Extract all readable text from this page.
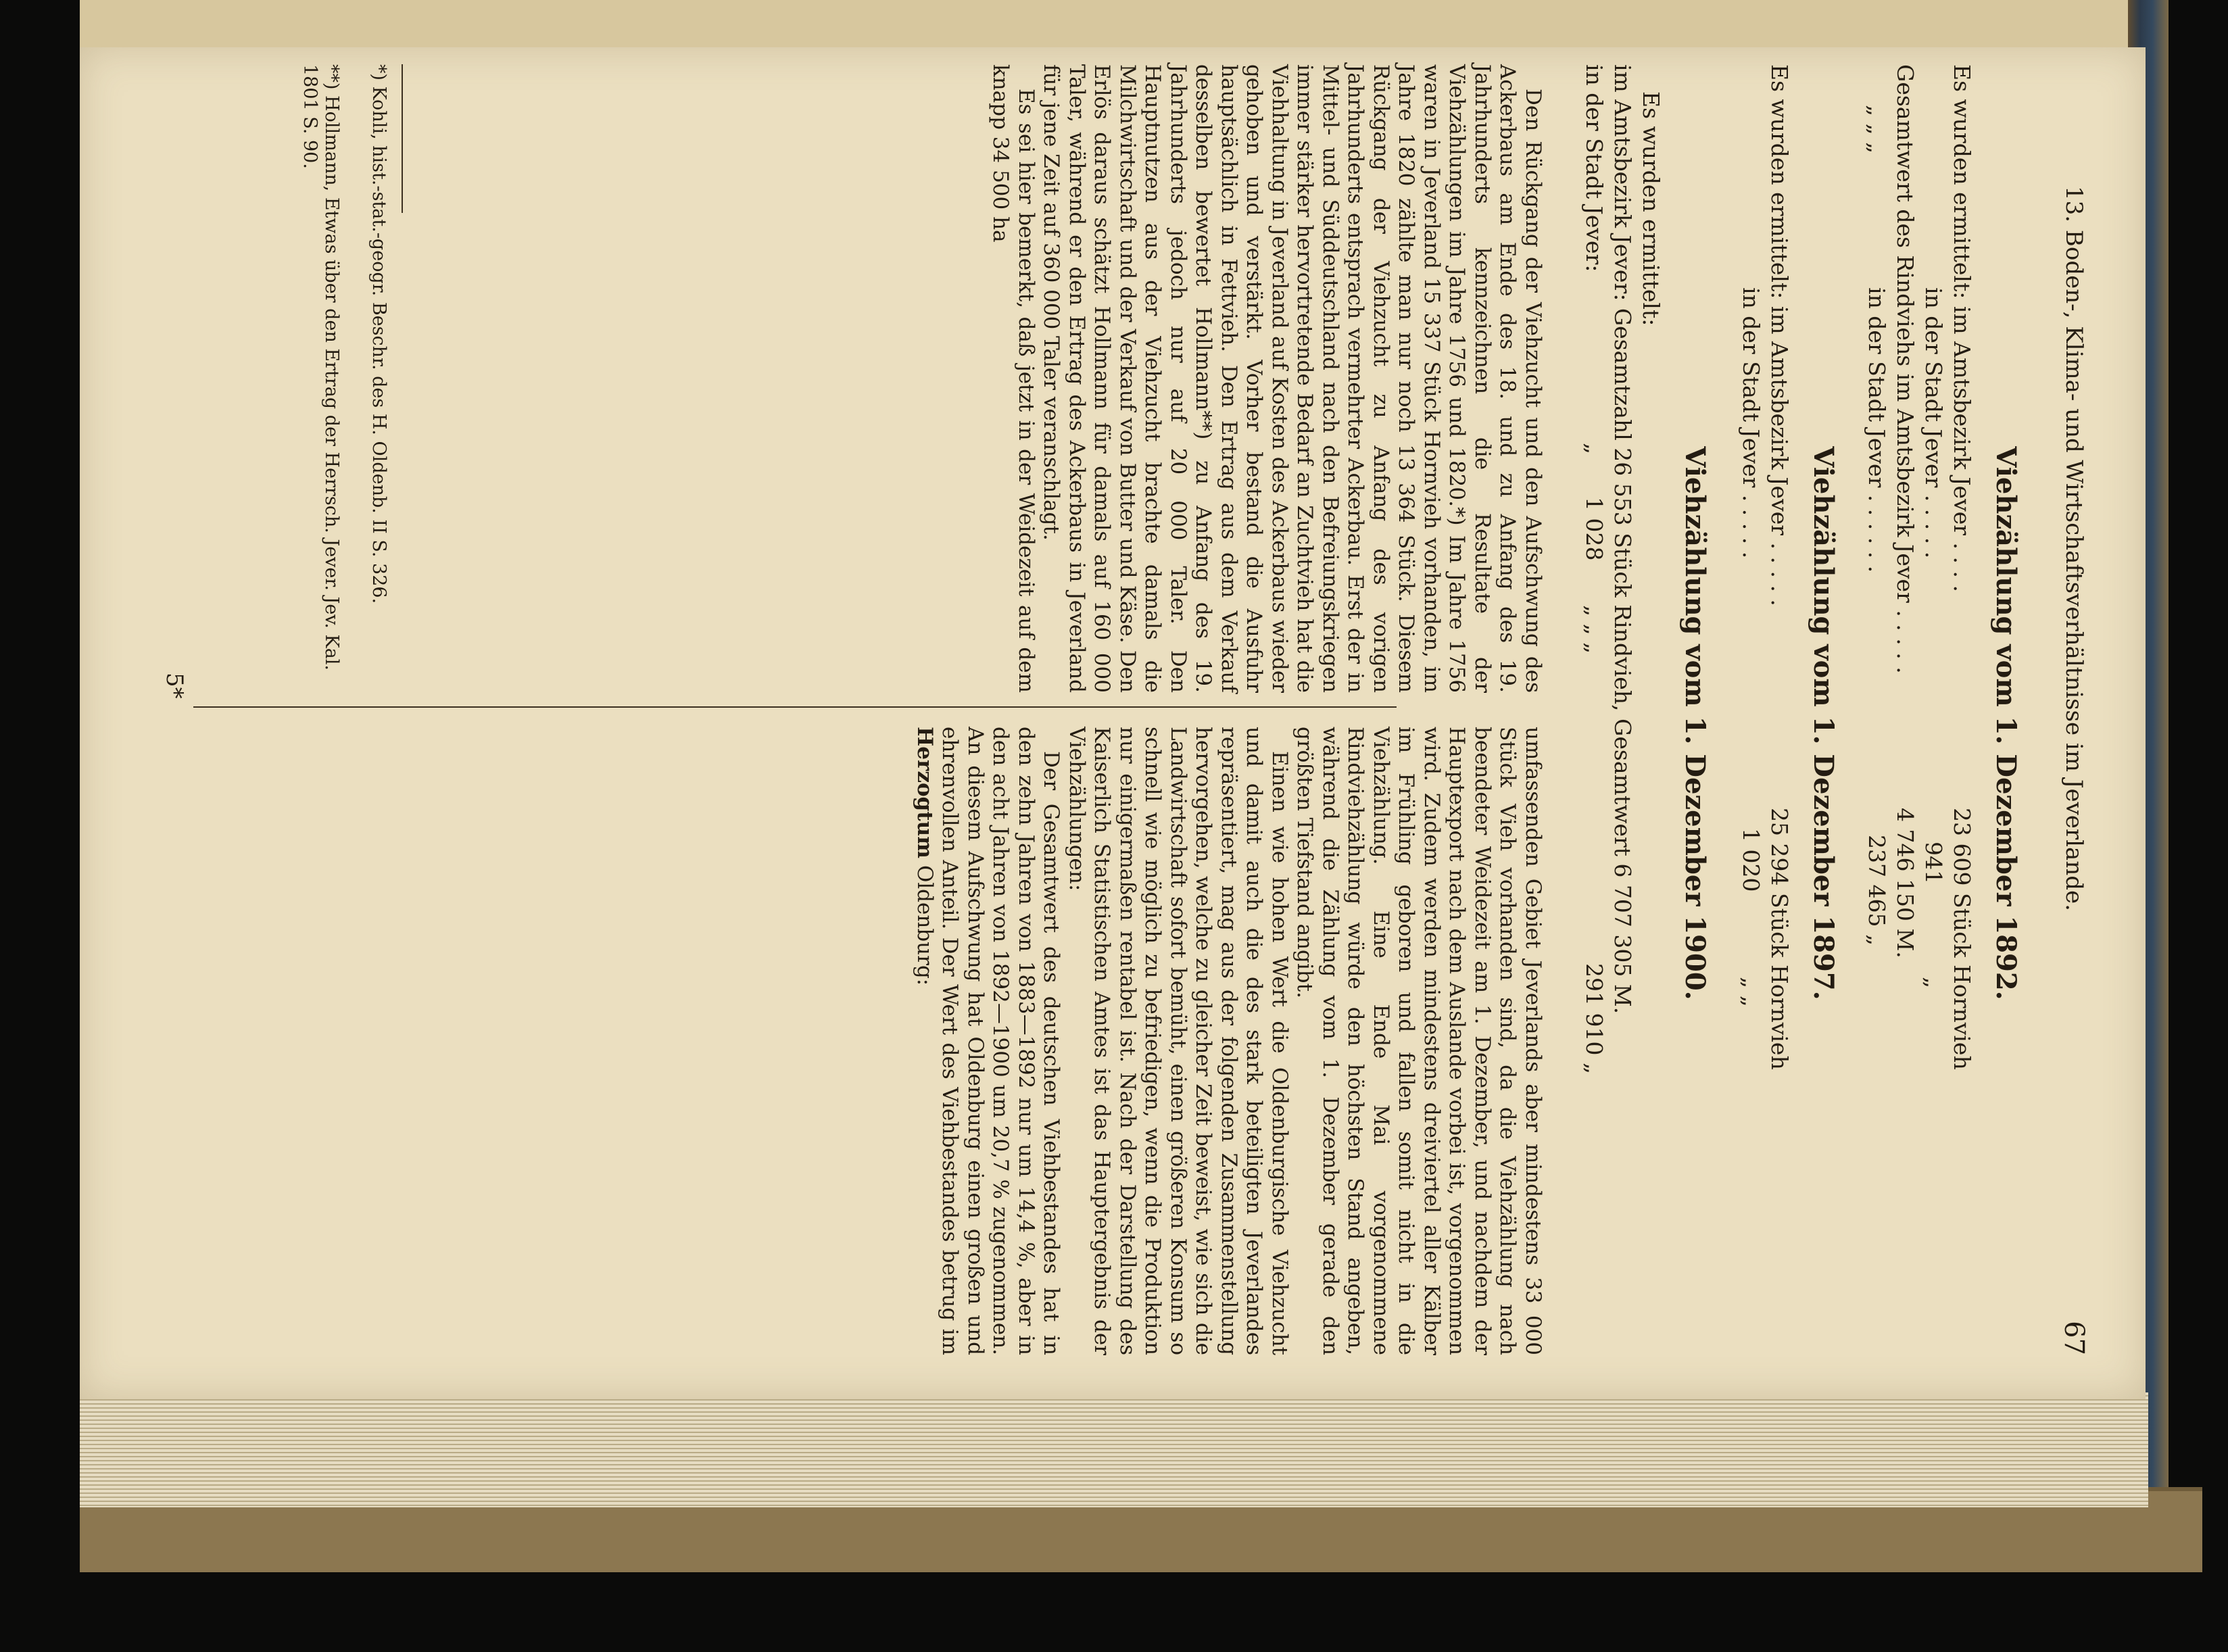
13. Boden-, Klima- und Wirtschaftsverhältnisse im Jeverlande.
67
Viehzählung vom 1. Dezember 1892.
Es wurden ermittelt: im Amtsbezirk Jever . . . .
23 609 Stück Hornvieh
in der Stadt Jever . . . . .
941
„
Gesamtwert des Rindviehs im Amtsbezirk Jever . . . . .
4 746 150 M.
„ „ „
in der Stadt Jever . . . . . .
237 465 „
Viehzählung vom 1. Dezember 1897.
Es wurden ermittelt: im Amtsbezirk Jever . . . . .
25 294 Stück Hornvieh
in der Stadt Jever . . . . .
1 020
„ „
Viehzählung vom 1. Dezember 1900.
Es wurden ermittelt:
im Amtsbezirk Jever: Gesamtzahl 26 553 Stück Rindvieh, Gesamtwert 6 707 305 M.
in der Stadt Jever:
„
1 028
„ „ „
291 910 „

Den Rückgang der Viehzucht und den Aufschwung des Ackerbaus am Ende des 18. und zu Anfang des 19. Jahrhunderts kennzeichnen die Resultate der Viehzählungen im Jahre 1756 und 1820.*) Im Jahre 1756 waren in Jeverland 15 337 Stück Hornvieh vorhanden, im Jahre 1820 zählte man nur noch 13 364 Stück. Diesem Rückgang der Viehzucht zu Anfang des vorigen Jahrhunderts entsprach vermehrter Ackerbau. Erst der in Mittel- und Süddeutschland nach den Befreiungskriegen immer stärker hervortretende Bedarf an Zuchtvieh hat die Viehhaltung in Jeverland auf Kosten des Ackerbaus wieder gehoben und verstärkt. Vorher bestand die Ausfuhr hauptsächlich in Fettvieh. Den Ertrag aus dem Verkauf desselben bewertet Hollmann**) zu Anfang des 19. Jahrhunderts jedoch nur auf 20 000 Taler. Den Hauptnutzen aus der Viehzucht brachte damals die Milchwirtschaft und der Verkauf von Butter und Käse. Den Erlös daraus schätzt Hollmann für damals auf 160 000 Taler, während er den Ertrag des Ackerbaus in Jeverland für jene Zeit auf 360 000 Taler veranschlagt.

Es sei hier bemerkt, daß jetzt in der Weidezeit auf dem knapp 34 500 ha

umfassenden Gebiet Jeverlands aber mindestens 33 000 Stück Vieh vorhanden sind, da die Viehzählung nach beendeter Weidezeit am 1. Dezember, und nachdem der Hauptexport nach dem Auslande vorbei ist, vorgenommen wird. Zudem werden mindestens dreiviertel aller Kälber im Frühling geboren und fallen somit nicht in die Viehzählung. Eine Ende Mai vorgenommene Rindviehzählung würde den höchsten Stand angeben, während die Zählung vom 1. Dezember gerade den größten Tiefstand angibt.

Einen wie hohen Wert die Oldenburgische Viehzucht und damit auch die des stark beteiligten Jeverlandes repräsentiert, mag aus der folgenden Zusammenstellung hervorgehen, welche zu gleicher Zeit beweist, wie sich die Landwirtschaft sofort bemüht, einen größeren Konsum so schnell wie möglich zu befriedigen, wenn die Produktion nur einigermaßen rentabel ist. Nach der Darstellung des Kaiserlich Statistischen Amtes ist das Hauptergebnis der Viehzählungen:

Der Gesamtwert des deutschen Viehbestandes hat in den zehn Jahren von 1883—1892 nur um 14,4 %, aber in den acht Jahren von 1892—1900 um 20,7 % zugenommen. An diesem Aufschwung hat Oldenburg einen großen und ehrenvollen Anteil. Der Wert des Viehbestandes betrug im Herzogtum Oldenburg:

*) Kohli, hist.-stat.-geogr. Beschr. des H. Oldenb. II S. 326.
**) Hollmann, Etwas über den Ertrag der Herrsch. Jever. Jev. Kal. 1801 S. 90.
5*
